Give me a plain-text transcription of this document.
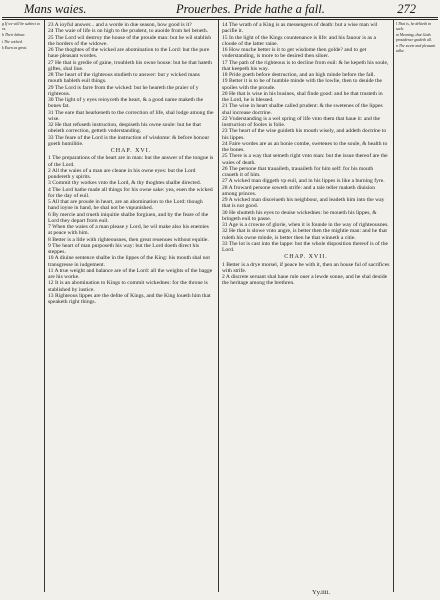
Mans waies.	Prouerbes. Pride hathe a fall.	272

g If we will be subiect to vs.

h Their labour.

i The wicked.

k Euen as great.

23 A ioyful answer... and a worde in due season, how good is it?

24 The waie of life is on high to the prudent, to auoide from hel beneth.

25 The Lord wil destroy the house of the proude man: but he wil stablish the borders of the widowe.

26 The thoghtes of the wicked are abomination to the Lord: but the pure haue pleasant wordes.

27 He that is gredie of gaine, troubleth his owne house: but he that hateth giftes, shal liue.

28 The heart of the righteous studieth to answer: but y wicked mans mouth bableth euil things.

29 The Lord is farre from the wicked: but he heareth the praier of y righteous.

30 The light of y eyes reioyceth the heart, & a good name maketh the bones fat.

31 The eare that hearkeneth to the correction of life, shal lodge among the wise.

32 He that refuseth instruction, despiseth his owne soule: but he that obeieth correction, getteth vnderstanding.

33 The feare of the Lord is the instruction of wisdome: & before honour goeth humilitie.

CHAP. XVI.

1 The preparations of the heart are in man: but the answer of the tongue is of the Lord.

2 All the waies of a man are cleane in his owne eyes: but the Lord pondereth y spirits.

3 Commit thy workes vnto the Lord, & thy thoghtes shalbe directed.

4 The Lord hathe made all things for his owne sake: yea, euen the wicked for the day of euil.

5 All that are proude in heart, are an abomination to the Lord: though hand ioyne in hand, he shal not be vnpunished.

6 By mercie and trueth iniquitie shalbe forgiuen, and by the feare of the Lord they depart from euil.

7 When the waies of a man please y Lord, he wil make also his enemies at peace with him.

8 Better is a litle with righteousnes, then great reuenues without equitie.

9 The heart of man purposeth his way: but the Lord doeth direct his steppes.

10 A diuine sentence shalbe in the lippes of the King: his mouth shal not transgresse in iudgement.

11 A true weight and balance are of the Lord: all the weights of the bagge are his worke.

12 It is an abomination to Kings to commit wickednes: for the throne is stablished by iustice.

13 Righteous lippes are the delite of Kings, and the King loueth him that speaketh right things.

14 The wrath of a King is as messengers of death: but a wise man wil pacifie it.

15 In the light of the Kings countenance is life: and his fauour is as a cloude of the latter raine.

16 How muche better is it to get wisdome then golde? and to get vnderstanding, is more to be desired then siluer.

17 The path of the righteous is to decline from euil: & he kepeth his soule, that keepeth his way.

18 Pride goeth before destruction, and an high minde before the fall.

19 Better it is to be of humble minde with the lowlie, then to deuide the spoiles with the proude.

20 He that is wise in his busines, shal finde good: and he that trusteth in the Lord, he is blessed.

21 The wise in heart shalbe called prudent: & the swetenes of the lippes shal increase doctrine.

22 Vnderstanding is a wel spring of life vnto them that haue it: and the instruction of fooles is folie.

23 The heart of the wise guideth his mouth wisely, and addeth doctrine to his lippes.

24 Faire wordes are as an honie combe, swetenes to the soule, & health to the bones.

25 There is a way that semeth right vnto man: but the issue thereof are the waies of death.

26 The persone that trauaileth, trauaileth for him self: for his mouth craueth it of him.

27 A wicked man diggeth vp euil, and in his lippes is like a burning fyre.

28 A froward persone soweth strife: and a tale teller maketh diuision among princes.

29 A wicked man disceiueth his neighbour, and leadeth him into the way that is not good.

30 He shutteth his eyes to deuise wickednes: he moueth his lippes, & bringeth euil to passe.

31 Age is a crowne of glorie, when it is founde in the way of righteousnes.

32 He that is slowe vnto angre, is better then the mightie man: and he that ruleth his owne minde, is better then he that winneth a citie.

33 The lot is cast into the lappe: but the whole disposition thereof is of the Lord.

CHAP. XVII.

1 Better is a drye morsel, if peace be with it, then an house ful of sacrifices with strife.

2 A discrete seruant shal haue rule ouer a lewde sonne, and he shal deuide the heritage among the brethren.

l That is, he deliteth in such.

m Meaning, that Gods prouidence guideth all.

n The swete and pleasant talke.

Yy.iiii.
